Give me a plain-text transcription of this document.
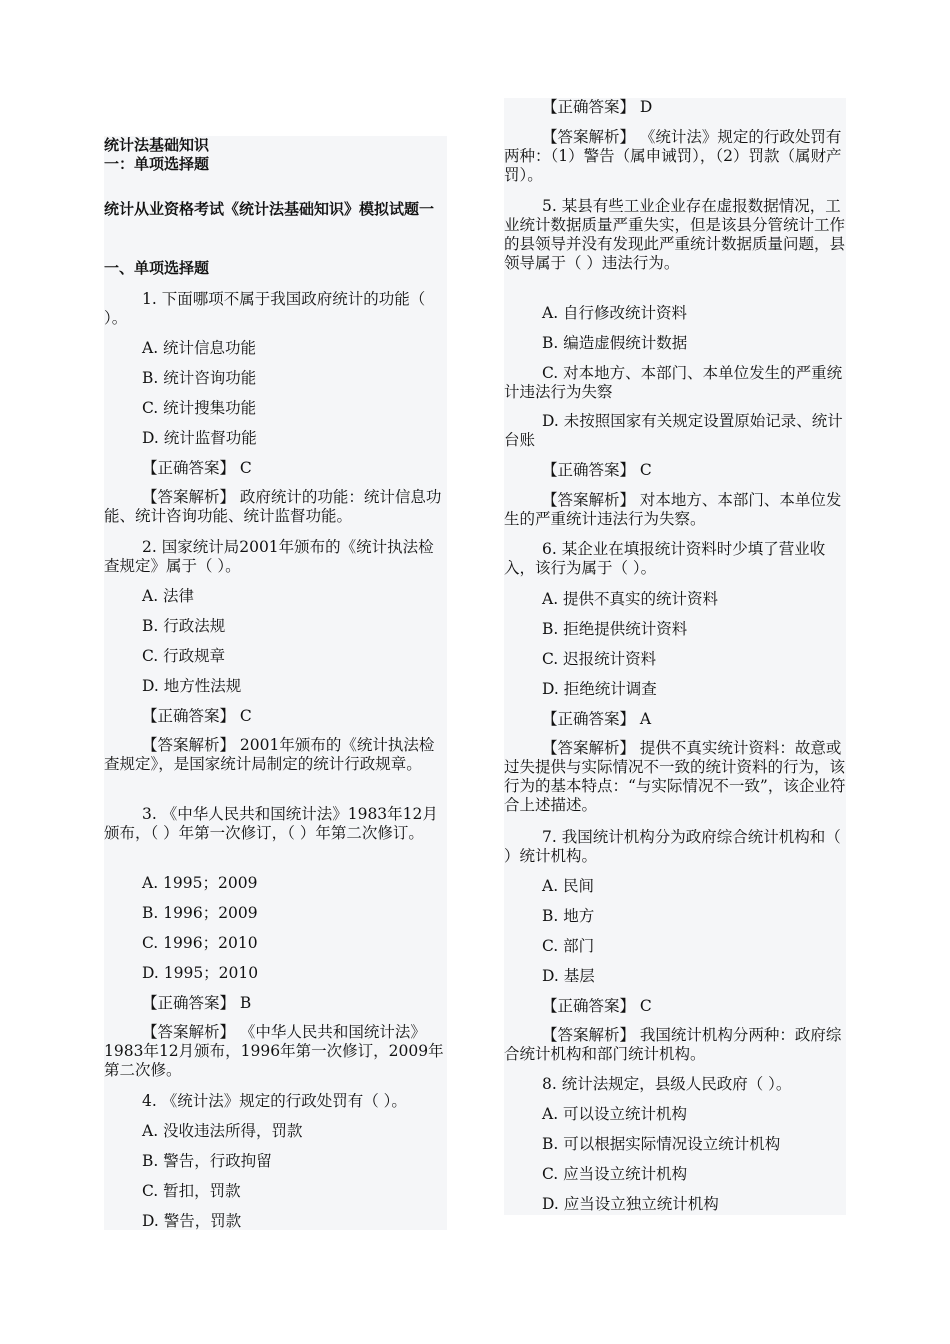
统计法基础知识
一：单项选择题
统计从业资格考试《统计法基础知识》模拟试题一
一、单项选择题
1. 下面哪项不属于我国政府统计的功能（ ）。
A. 统计信息功能
B. 统计咨询功能
C. 统计搜集功能
D. 统计监督功能
【正确答案】 C
【答案解析】 政府统计的功能：统计信息功能、统计咨询功能、统计监督功能。
2. 国家统计局2001年颁布的《统计执法检查规定》属于（ ）。
A. 法律
B. 行政法规
C. 行政规章
D. 地方性法规
【正确答案】 C
【答案解析】 2001年颁布的《统计执法检查规定》，是国家统计局制定的统计行政规章。
3. 《中华人民共和国统计法》1983年12月颁布，（ ）年第一次修订，（ ）年第二次修订。
A. 1995；2009
B. 1996；2009
C. 1996；2010
D. 1995；2010
【正确答案】 B
【答案解析】 《中华人民共和国统计法》1983年12月颁布，1996年第一次修订，2009年第二次修。
4. 《统计法》规定的行政处罚有（ ）。
A. 没收违法所得，罚款
B. 警告，行政拘留
C. 暂扣，罚款
D. 警告，罚款
【正确答案】 D
【答案解析】 《统计法》规定的行政处罚有两种：（1）警告（属申诫罚），（2）罚款（属财产罚）。
5. 某县有些工业企业存在虚报数据情况，工业统计数据质量严重失实，但是该县分管统计工作的县领导并没有发现此严重统计数据质量问题，县领导属于（ ）违法行为。
A. 自行修改统计资料
B. 编造虚假统计数据
C. 对本地方、本部门、本单位发生的严重统计违法行为失察
D. 未按照国家有关规定设置原始记录、统计台账
【正确答案】 C
【答案解析】 对本地方、本部门、本单位发生的严重统计违法行为失察。
6. 某企业在填报统计资料时少填了营业收入，该行为属于（ ）。
A. 提供不真实的统计资料
B. 拒绝提供统计资料
C. 迟报统计资料
D. 拒绝统计调查
【正确答案】 A
【答案解析】 提供不真实统计资料：故意或过失提供与实际情况不一致的统计资料的行为，该行为的基本特点：“与实际情况不一致”，该企业符合上述描述。
7. 我国统计机构分为政府综合统计机构和（ ）统计机构。
A. 民间
B. 地方
C. 部门
D. 基层
【正确答案】 C
【答案解析】 我国统计机构分两种：政府综合统计机构和部门统计机构。
8. 统计法规定，县级人民政府（ ）。
A. 可以设立统计机构
B. 可以根据实际情况设立统计机构
C. 应当设立统计机构
D. 应当设立独立统计机构
